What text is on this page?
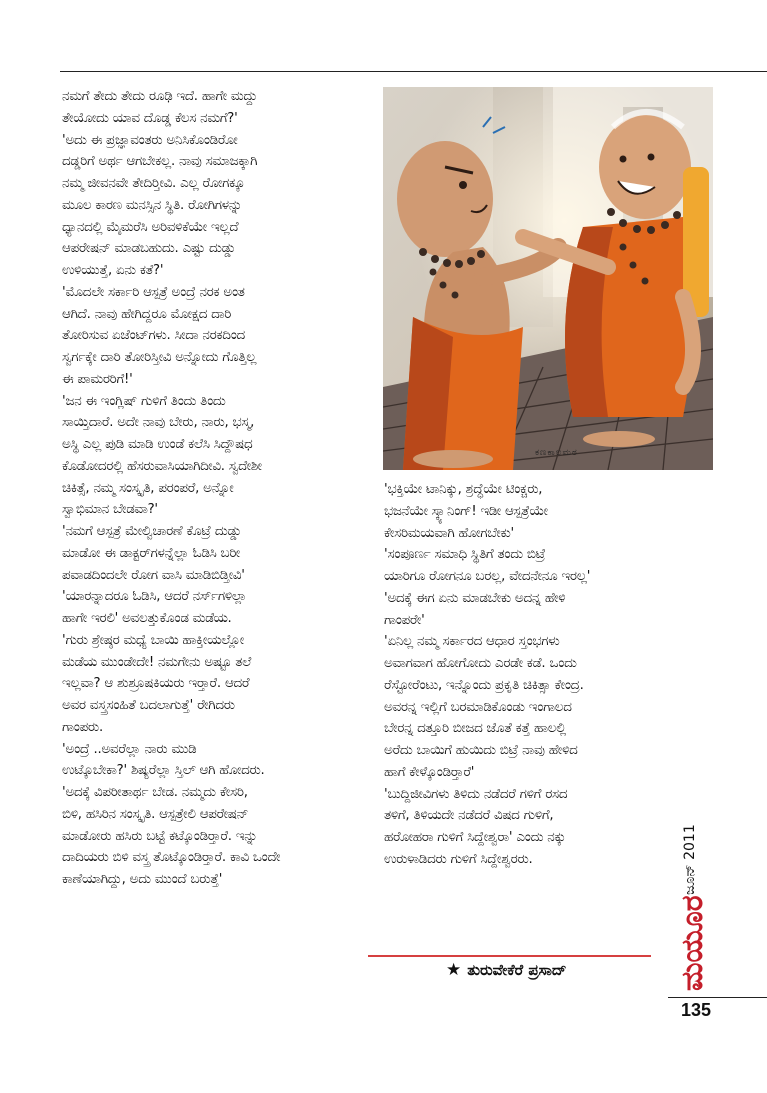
ನಮಗೆ ತೇದು ತೇದು ರೂಢಿ ಇದೆ. ಹಾಗೇ ಮದ್ದು

ತೇಯೋದು ಯಾವ ದೊಡ್ಡ ಕೆಲಸ ನಮಗೆ?'

'ಅದು ಈ ಪ್ರಜ್ಞಾವಂತರು ಅನಿಸಿಕೊಂಡಿರೋ

ದಡ್ಡರಿಗೆ ಅರ್ಥ ಆಗಬೇಕಲ್ಲ. ನಾವು ಸಮಾಜಕ್ಕಾಗಿ

ನಮ್ಮ ಜೀವನವೇ ತೇದಿರ್‍ತೀವಿ. ಎಲ್ಲ ರೋಗಕ್ಕೂ

ಮೂಲ ಕಾರಣ ಮನಸ್ಸಿನ ಸ್ಥಿತಿ. ರೋಗಿಗಳನ್ನು

ಧ್ಯಾನದಲ್ಲಿ ಮೈಮರೆಸಿ ಅರಿವಳಿಕೆಯೇ ಇಲ್ಲದೆ

ಆಪರೇಷನ್ ಮಾಡಬಹುದು. ಎಷ್ಟು ದುಡ್ಡು

ಉಳಿಯುತ್ತೆ, ಏನು ಕತೆ?'

'ಮೊದಲೇ ಸರ್ಕಾರಿ ಆಸ್ಪತ್ರೆ ಅಂದ್ರೆ ನರಕ ಅಂತ

ಆಗಿದೆ. ನಾವು ಹೇಗಿದ್ದರೂ ಮೋಕ್ಷದ ದಾರಿ

ತೋರಿಸುವ ಏಜೆಂಟ್‌ಗಳು. ಸೀದಾ ನರಕದಿಂದ

ಸ್ವರ್ಗಕ್ಕೇ ದಾರಿ ತೋರಿಸ್ತೀವಿ ಅನ್ನೋದು ಗೊತ್ತಿಲ್ಲ

ಈ ಪಾಮರರಿಗೆ!'

'ಜನ ಈ ಇಂಗ್ಲಿಷ್ ಗುಳಿಗೆ ತಿಂದು ತಿಂದು

ಸಾಯ್ತಿದಾರೆ. ಅದೇ ನಾವು ಬೇರು, ನಾರು, ಭಸ್ಮ,

ಅಸ್ಥಿ ಎಲ್ಲ ಪುಡಿ ಮಾಡಿ ಉಂಡೆ ಕಲೆಸಿ ಸಿದ್ದೌಷಧ

ಕೊಡೋದರಲ್ಲಿ ಹೆಸರುವಾಸಿಯಾಗಿದೀವಿ. ಸ್ವದೇಶೀ

ಚಿಕಿತ್ಸೆ, ನಮ್ಮ ಸಂಸ್ಕೃತಿ, ಪರಂಪರೆ, ಅನ್ನೋ

ಸ್ವಾಭಿಮಾನ ಬೇಡವಾ?'

'ನಮಗೆ ಆಸ್ಪತ್ರೆ ಮೇಲ್ವಿಚಾರಣೆ ಕೊಟ್ರೆ ದುಡ್ಡು

ಮಾಡೋ ಈ ಡಾಕ್ಟರ್‌ಗಳನ್ನೆಲ್ಲಾ ಓಡಿಸಿ ಬರೀ

ಪವಾಡದಿಂದಲೇ ರೋಗ ವಾಸಿ ಮಾಡಿಬಿಡ್ತೀವಿ'

'ಯಾರನ್ನಾದರೂ ಓಡಿಸಿ, ಆದರೆ ನರ್ಸ್‌ಗಳಿಲ್ಲಾ

ಹಾಗೇ ಇರಲಿ' ಅವಲತ್ತುಕೊಂಡ ಮಡೆಯ.

'ಗುರು ಶ್ರೇಷ್ಠರ ಮಧ್ಯೆ ಬಾಯಿ ಹಾಕ್ತೀಯಲ್ಲೋ

ಮಡೆಯ ಮುಂಡೇದೇ! ನಮಗೇನು ಅಷ್ಟೂ ತಲೆ

ಇಲ್ಲವಾ? ಆ ಶುಶ್ರೂಷಕಿಯರು ಇರ್‍ತಾರೆ. ಆದರೆ

ಅವರ ವಸ್ತ್ರಸಂಹಿತೆ ಬದಲಾಗುತ್ತೆ' ರೇಗಿದರು

ಗಾಂಪರು.

'ಅಂದ್ರೆ ..ಅವರೆಲ್ಲಾ ನಾರು ಮುಡಿ

ಉಟ್ಕೊಬೇಕಾ?' ಶಿಷ್ಯರೆಲ್ಲಾ ಸ್ತಿಲ್ ಆಗಿ ಹೋದರು.

'ಅದಕ್ಕೆ ವಿಪರೀತಾರ್ಥ ಬೇಡ. ನಮ್ಮದು ಕೇಸರಿ,

ಬಿಳಿ, ಹಸಿರಿನ ಸಂಸ್ಕೃತಿ. ಆಸ್ಪತ್ರೇಲಿ ಆಪರೇಷನ್

ಮಾಡೋರು ಹಸಿರು ಬಟ್ಟೆ ಕಟ್ಕೊಂಡಿರ್‍ತಾರೆ. ಇನ್ನು

ದಾದಿಯರು ಬಿಳಿ ವಸ್ತ್ರ ತೊಟ್ಕೊಂಡಿರ್‍ತಾರೆ. ಕಾವಿ ಒಂದೇ

ಕಾಣೆಯಾಗಿದ್ದು, ಅದು ಮುಂದೆ ಬರುತ್ತೆ'

ಕಣಕಾಲಮಠ

'ಭಕ್ತಿಯೇ ಟಾನಿಕ್ಕು, ಶ್ರದ್ಧೆಯೇ ಟಿಂಕ್ಚರು,

ಭಜನೆಯೇ ಸ್ಕ್ಯಾನಿಂಗ್! ಇಡೀ ಆಸ್ಪತ್ರೆಯೇ

ಕೇಸರಿಮಯವಾಗಿ ಹೋಗಬೇಕು'

'ಸಂಪೂರ್ಣ ಸಮಾಧಿ ಸ್ಥಿತಿಗೆ ತಂದು ಬಿಟ್ರೆ

ಯಾರಿಗೂ ರೋಗನೂ ಬರಲ್ಲ, ವೇದನೇನೂ ಇರಲ್ಲ'

'ಅದಕ್ಕೆ ಈಗ ಏನು ಮಾಡಬೇಕು ಅದನ್ನ ಹೇಳಿ

ಗಾಂಪರೇ'

'ಏನಿಲ್ಲ ನಮ್ಮ ಸರ್ಕಾರದ ಆಧಾರ ಸ್ತಂಭಗಳು

ಅವಾಗವಾಗ ಹೋಗೋದು ಎರಡೇ ಕಡೆ. ಒಂದು

ರೆಸ್ಟೋರೆಂಟು, ಇನ್ನೊಂದು ಪ್ರಕೃತಿ ಚಿಕಿತ್ಸಾ ಕೇಂದ್ರ.

ಅವರನ್ನ ಇಲ್ಲಿಗೆ ಬರಮಾಡಿಕೊಂಡು ಇಂಗಾಲದ

ಬೇರನ್ನ ದತ್ತೂರಿ ಬೀಜದ ಜೊತೆ ಕತ್ತೆ ಹಾಲಲ್ಲಿ

ಅರೆದು ಬಾಯಿಗೆ ಹುಯಿದು ಬಿಟ್ರೆ ನಾವು ಹೇಳಿದ

ಹಾಗೆ ಕೇಳ್ಕೊಂಡಿರ್‍ತಾರೆ'

'ಬುದ್ದಿಜೀವಿಗಳು ತಿಳಿದು ನಡೆದರೆ ಗಳಿಗೆ ರಸದ

ತಳಿಗೆ, ತಿಳಿಯದೇ ನಡೆದರೆ ವಿಷದ ಗುಳಿಗೆ,

ಹರೋಹರಾ ಗುಳಿಗೆ ಸಿದ್ದೇಶ್ವರಾ' ಎಂದು ನಕ್ಕು

ಉರುಳಾಡಿದರು ಗುಳಿಗೆ ಸಿದ್ದೇಶ್ವರರು.

★ ತುರುವೇಕೆರೆ ಪ್ರಸಾದ್
ಜೂನ್ 2011
ಮಯೂರ
135
